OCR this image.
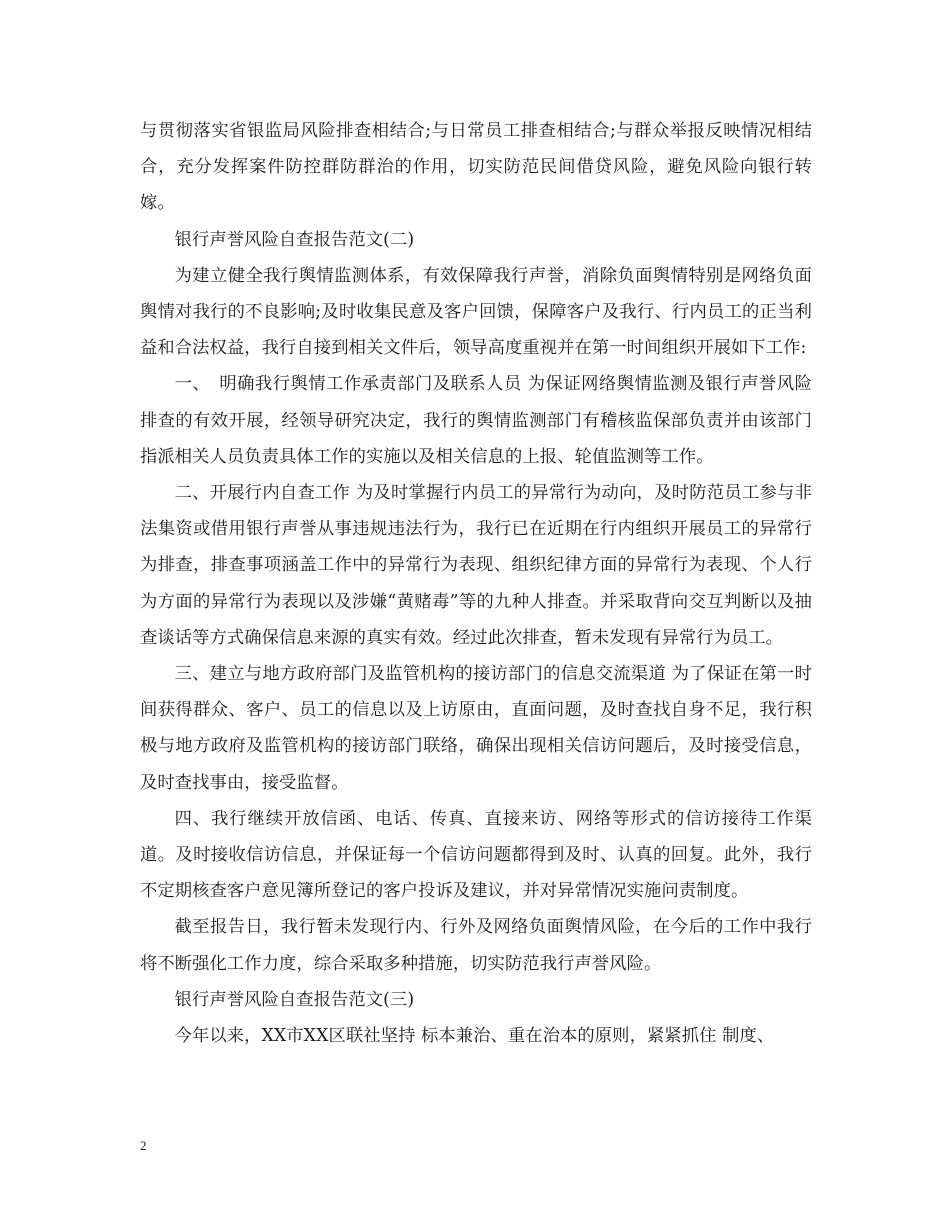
与贯彻落实省银监局风险排查相结合;与日常员工排查相结合;与群众举报反映情况相结合，充分发挥案件防控群防群治的作用，切实防范民间借贷风险，避免风险向银行转嫁。

银行声誉风险自查报告范文(二)

为建立健全我行舆情监测体系，有效保障我行声誉，消除负面舆情特别是网络负面舆情对我行的不良影响;及时收集民意及客户回馈，保障客户及我行、行内员工的正当利益和合法权益，我行自接到相关文件后，领导高度重视并在第一时间组织开展如下工作:

一、　明确我行舆情工作承责部门及联系人员 为保证网络舆情监测及银行声誉风险排查的有效开展，经领导研究决定，我行的舆情监测部门有稽核监保部负责并由该部门指派相关人员负责具体工作的实施以及相关信息的上报、轮值监测等工作。

二、开展行内自查工作 为及时掌握行内员工的异常行为动向，及时防范员工参与非法集资或借用银行声誉从事违规违法行为，我行已在近期在行内组织开展员工的异常行为排查，排查事项涵盖工作中的异常行为表现、组织纪律方面的异常行为表现、个人行为方面的异常行为表现以及涉嫌“黄赌毒”等的九种人排查。并采取背向交互判断以及抽查谈话等方式确保信息来源的真实有效。经过此次排查，暂未发现有异常行为员工。

三、建立与地方政府部门及监管机构的接访部门的信息交流渠道 为了保证在第一时间获得群众、客户、员工的信息以及上访原由，直面问题，及时查找自身不足，我行积极与地方政府及监管机构的接访部门联络，确保出现相关信访问题后，及时接受信息，及时查找事由，接受监督。

四、我行继续开放信函、电话、传真、直接来访、网络等形式的信访接待工作渠道。及时接收信访信息，并保证每一个信访问题都得到及时、认真的回复。此外，我行不定期核查客户意见簿所登记的客户投诉及建议，并对异常情况实施问责制度。

截至报告日，我行暂未发现行内、行外及网络负面舆情风险，在今后的工作中我行将不断强化工作力度，综合采取多种措施，切实防范我行声誉风险。

银行声誉风险自查报告范文(三)

今年以来，XX市XX区联社坚持 标本兼治、重在治本的原则，紧紧抓住 制度、

2
